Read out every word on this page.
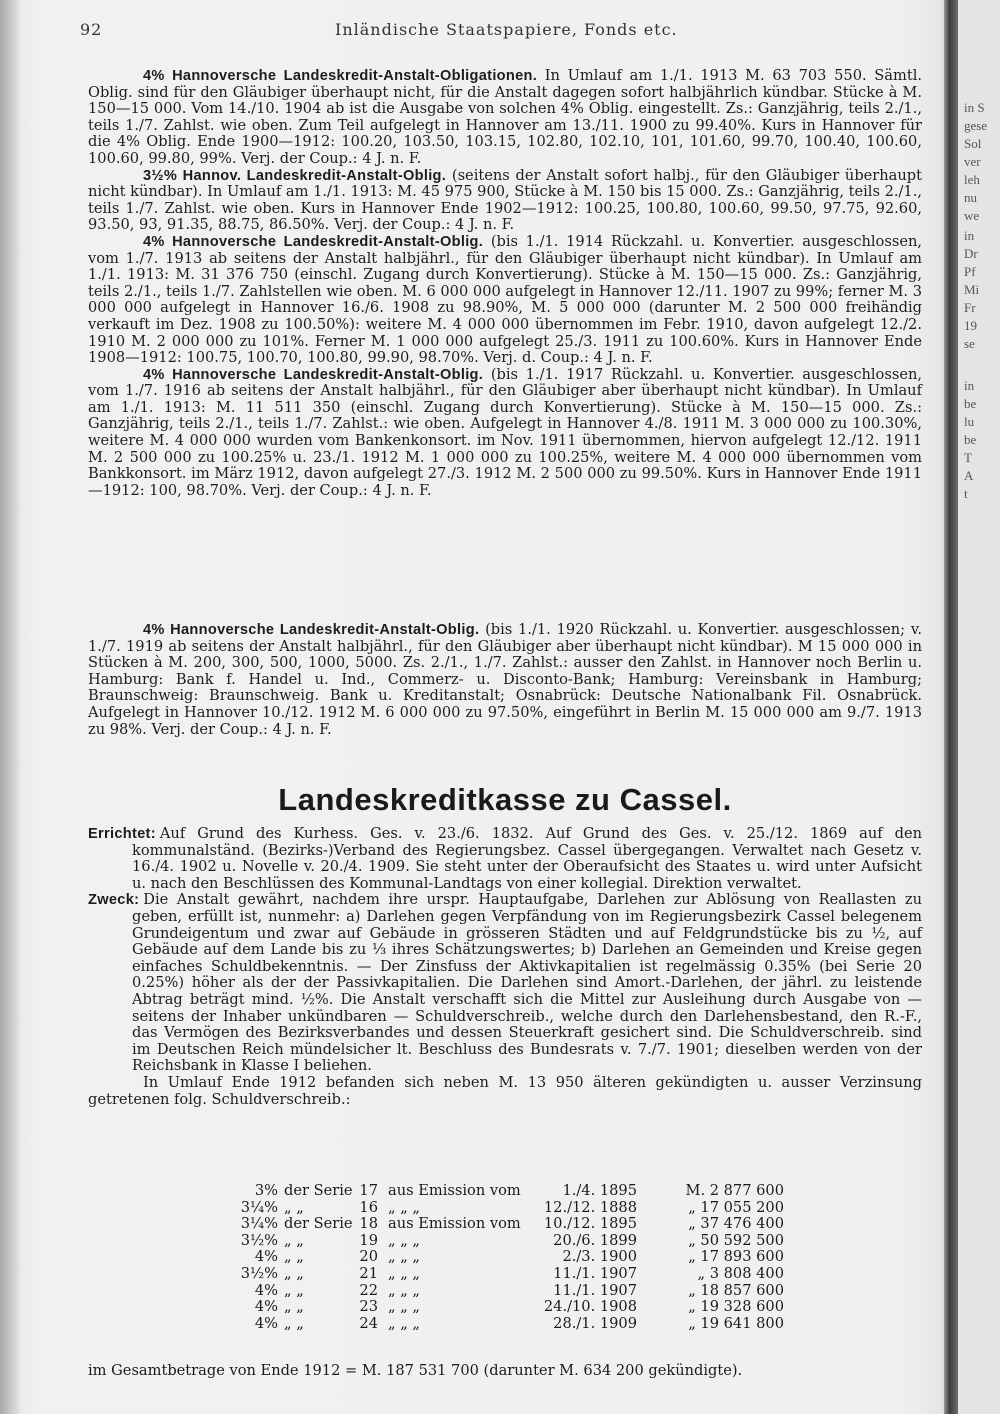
92	Inländische Staatspapiere, Fonds etc.

4% Hannoversche Landeskredit-Anstalt-Obligationen. In Umlauf am 1./1. 1913 M. 63 703 550. Sämtl. Oblig. sind für den Gläubiger überhaupt nicht, für die Anstalt dagegen sofort halbjährlich kündbar. Stücke à M. 150—15 000. Vom 14./10. 1904 ab ist die Ausgabe von solchen 4% Oblig. eingestellt. Zs.: Ganzjährig, teils 2./1., teils 1./7. Zahlst. wie oben. Zum Teil aufgelegt in Hannover am 13./11. 1900 zu 99.40%. Kurs in Hannover für die 4% Oblig. Ende 1900—1912: 100.20, 103.50, 103.15, 102.80, 102.10, 101, 101.60, 99.70, 100.40, 100.60, 100.60, 99.80, 99%. Verj. der Coup.: 4 J. n. F.

3½% Hannov. Landeskredit-Anstalt-Oblig. (seitens der Anstalt sofort halbj., für den Gläubiger überhaupt nicht kündbar). In Umlauf am 1./1. 1913: M. 45 975 900, Stücke à M. 150 bis 15 000. Zs.: Ganzjährig, teils 2./1., teils 1./7. Zahlst. wie oben. Kurs in Hannover Ende 1902—1912: 100.25, 100.80, 100.60, 99.50, 97.75, 92.60, 93.50, 93, 91.35, 88.75, 86.50%. Verj. der Coup.: 4 J. n. F.

4% Hannoversche Landeskredit-Anstalt-Oblig. (bis 1./1. 1914 Rückzahl. u. Konvertier. ausgeschlossen, vom 1./7. 1913 ab seitens der Anstalt halbjährl., für den Gläubiger überhaupt nicht kündbar). In Umlauf am 1./1. 1913: M. 31 376 750 (einschl. Zugang durch Konvertierung). Stücke à M. 150—15 000. Zs.: Ganzjährig, teils 2./1., teils 1./7. Zahlstellen wie oben. M. 6 000 000 aufgelegt in Hannover 12./11. 1907 zu 99%; ferner M. 3 000 000 aufgelegt in Hannover 16./6. 1908 zu 98.90%, M. 5 000 000 (darunter M. 2 500 000 freihändig verkauft im Dez. 1908 zu 100.50%): weitere M. 4 000 000 übernommen im Febr. 1910, davon aufgelegt 12./2. 1910 M. 2 000 000 zu 101%. Ferner M. 1 000 000 aufgelegt 25./3. 1911 zu 100.60%. Kurs in Hannover Ende 1908—1912: 100.75, 100.70, 100.80, 99.90, 98.70%. Verj. d. Coup.: 4 J. n. F.

4% Hannoversche Landeskredit-Anstalt-Oblig. (bis 1./1. 1917 Rückzahl. u. Konvertier. ausgeschlossen, vom 1./7. 1916 ab seitens der Anstalt halbjährl., für den Gläubiger aber überhaupt nicht kündbar). In Umlauf am 1./1. 1913: M. 11 511 350 (einschl. Zugang durch Konvertierung). Stücke à M. 150—15 000. Zs.: Ganzjährig, teils 2./1., teils 1./7. Zahlst.: wie oben. Aufgelegt in Hannover 4./8. 1911 M. 3 000 000 zu 100.30%, weitere M. 4 000 000 wurden vom Bankenkonsort. im Nov. 1911 übernommen, hiervon aufgelegt 12./12. 1911 M. 2 500 000 zu 100.25% u. 23./1. 1912 M. 1 000 000 zu 100.25%, weitere M. 4 000 000 übernommen vom Bankkonsort. im März 1912, davon aufgelegt 27./3. 1912 M. 2 500 000 zu 99.50%. Kurs in Hannover Ende 1911—1912: 100, 98.70%. Verj. der Coup.: 4 J. n. F.

4% Hannoversche Landeskredit-Anstalt-Oblig. (bis 1./1. 1920 Rückzahl. u. Konvertier. ausgeschlossen; v. 1./7. 1919 ab seitens der Anstalt halbjährl., für den Gläubiger aber überhaupt nicht kündbar). M 15 000 000 in Stücken à M. 200, 300, 500, 1000, 5000. Zs. 2./1., 1./7. Zahlst.: ausser den Zahlst. in Hannover noch Berlin u. Hamburg: Bank f. Handel u. Ind., Commerz- u. Disconto-Bank; Hamburg: Vereinsbank in Hamburg; Braunschweig: Braunschweig. Bank u. Kreditanstalt; Osnabrück: Deutsche Nationalbank Fil. Osnabrück. Aufgelegt in Hannover 10./12. 1912 M. 6 000 000 zu 97.50%, eingeführt in Berlin M. 15 000 000 am 9./7. 1913 zu 98%. Verj. der Coup.: 4 J. n. F.

Landeskreditkasse zu Cassel.

Errichtet: Auf Grund des Kurhess. Ges. v. 23./6. 1832. Auf Grund des Ges. v. 25./12. 1869 auf den kommunalständ. (Bezirks-)Verband des Regierungsbez. Cassel übergegangen. Verwaltet nach Gesetz v. 16./4. 1902 u. Novelle v. 20./4. 1909. Sie steht unter der Oberaufsicht des Staates u. wird unter Aufsicht u. nach den Beschlüssen des Kommunal-Landtags von einer kollegial. Direktion verwaltet.

Zweck: Die Anstalt gewährt, nachdem ihre urspr. Hauptaufgabe, Darlehen zur Ablösung von Reallasten zu geben, erfüllt ist, nunmehr: a) Darlehen gegen Verpfändung von im Regierungsbezirk Cassel belegenem Grundeigentum und zwar auf Gebäude in grösseren Städten und auf Feldgrundstücke bis zu ½, auf Gebäude auf dem Lande bis zu ⅓ ihres Schätzungswertes; b) Darlehen an Gemeinden und Kreise gegen einfaches Schuldbekenntnis. — Der Zinsfuss der Aktivkapitalien ist regelmässig 0.35% (bei Serie 20 0.25%) höher als der der Passivkapitalien. Die Darlehen sind Amort.-Darlehen, der jährl. zu leistende Abtrag beträgt mind. ½%. Die Anstalt verschafft sich die Mittel zur Ausleihung durch Ausgabe von — seitens der Inhaber unkündbaren — Schuldverschreib., welche durch den Darlehensbestand, den R.-F., das Vermögen des Bezirksverbandes und dessen Steuerkraft gesichert sind. Die Schuldverschreib. sind im Deutschen Reich mündelsicher lt. Beschluss des Bundesrats v. 7./7. 1901; dieselben werden von der Reichsbank in Klasse I beliehen.

In Umlauf Ende 1912 befanden sich neben M. 13 950 älteren gekündigten u. ausser Verzinsung getretenen folg. Schuldverschreib.:

3% der Serie 17 aus Emission vom	1./4. 1895	M. 2 877 600
3¼% „ „	16 „ „ „	12./12. 1888	„ 17 055 200
3¼% der Serie 18 aus Emission vom	10./12. 1895	„ 37 476 400
3½% „ „	19 „ „ „	20./6. 1899	„ 50 592 500
4% „ „	20 „ „ „	2./3. 1900	„ 17 893 600
3½% „ „	21 „ „ „	11./1. 1907	„ 3 808 400
4% „ „	22 „ „ „	11./1. 1907	„ 18 857 600
4% „ „	23 „ „ „	24./10. 1908	„ 19 328 600
4% „ „	24 „ „ „	28./1. 1909	„ 19 641 800
im Gesamtbetrage von Ende 1912 = M. 187 531 700 (darunter M. 634 200 gekündigte).
in S
gese
Sol
ver
leh
nu
we
in
Dr
Pf
Mi
Fr
19
se
in
be
lu
be
T
A
t
